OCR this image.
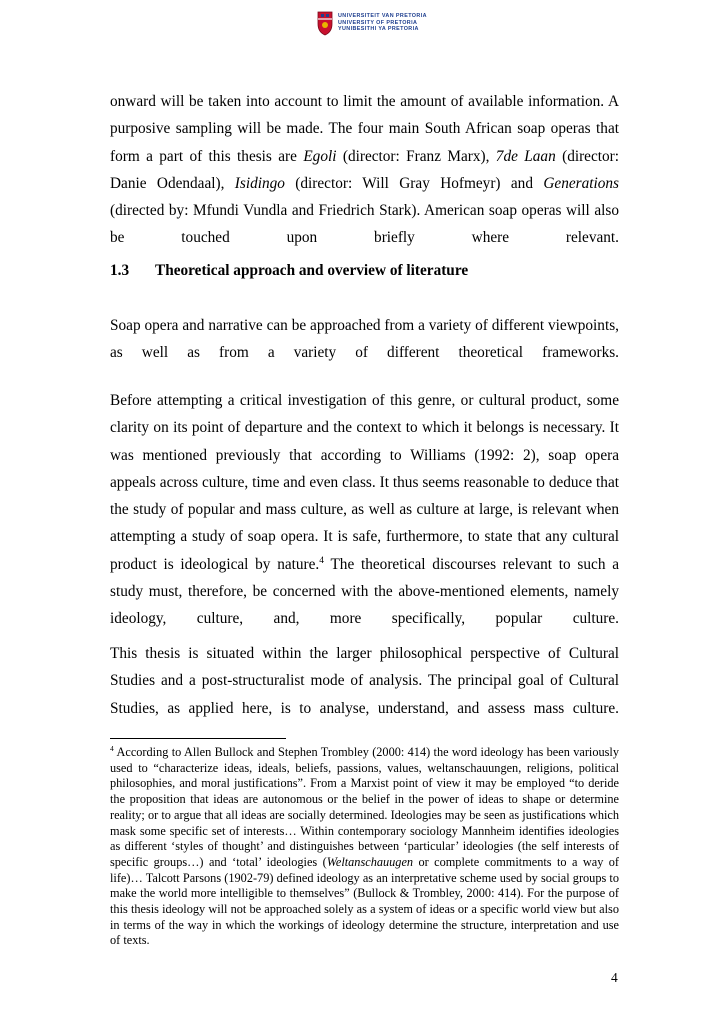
UNIVERSITEIT VAN PRETORIA
UNIVERSITY OF PRETORIA
YUNIBESITHI YA PRETORIA

onward will be taken into account to limit the amount of available information. A purposive sampling will be made. The four main South African soap operas that form a part of this thesis are Egoli (director: Franz Marx), 7de Laan (director: Danie Odendaal), Isidingo (director: Will Gray Hofmeyr) and Generations (directed by: Mfundi Vundla and Friedrich Stark). American soap operas will also be touched upon briefly where relevant.

1.3 Theoretical approach and overview of literature

Soap opera and narrative can be approached from a variety of different viewpoints, as well as from a variety of different theoretical frameworks.

Before attempting a critical investigation of this genre, or cultural product, some clarity on its point of departure and the context to which it belongs is necessary. It was mentioned previously that according to Williams (1992: 2), soap opera appeals across culture, time and even class. It thus seems reasonable to deduce that the study of popular and mass culture, as well as culture at large, is relevant when attempting a study of soap opera. It is safe, furthermore, to state that any cultural product is ideological by nature.$^4$ The theoretical discourses relevant to such a study must, therefore, be concerned with the above-mentioned elements, namely ideology, culture, and, more specifically, popular culture.

This thesis is situated within the larger philosophical perspective of Cultural Studies and a post-structuralist mode of analysis. The principal goal of Cultural Studies, as applied here, is to analyse, understand, and assess mass culture.

$^4$ According to Allen Bullock and Stephen Trombley (2000: 414) the word ideology has been variously used to “characterize ideas, ideals, beliefs, passions, values, weltanschauungen, religions, political philosophies, and moral justifications”. From a Marxist point of view it may be employed “to deride the proposition that ideas are autonomous or the belief in the power of ideas to shape or determine reality; or to argue that all ideas are socially determined. Ideologies may be seen as justifications which mask some specific set of interests… Within contemporary sociology Mannheim identifies ideologies as different ‘styles of thought’ and distinguishes between ‘particular’ ideologies (the self interests of specific groups…) and ‘total’ ideologies (Weltanschauugen or complete commitments to a way of life)… Talcott Parsons (1902-79) defined ideology as an interpretative scheme used by social groups to make the world more intelligible to themselves” (Bullock & Trombley, 2000: 414). For the purpose of this thesis ideology will not be approached solely as a system of ideas or a specific world view but also in terms of the way in which the workings of ideology determine the structure, interpretation and use of texts.

4
